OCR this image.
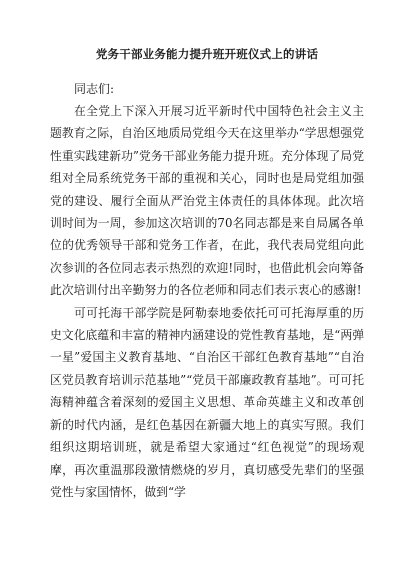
党务干部业务能力提升班开班仪式上的讲话

同志们:

在全党上下深入开展习近平新时代中国特色社会主义主题教育之际，自治区地质局党组今天在这里举办“学思想强党性重实践建新功”党务干部业务能力提升班。充分体现了局党组对全局系统党务干部的重视和关心，同时也是局党组加强党的建设、履行全面从严治党主体责任的具体体现。此次培训时间为一周，参加这次培训的70名同志都是来自局属各单位的优秀领导干部和党务工作者，在此，我代表局党组向此次参训的各位同志表示热烈的欢迎!同时，也借此机会向筹备此次培训付出辛勤努力的各位老师和同志们表示衷心的感谢!

可可托海干部学院是阿勒泰地委依托可可托海厚重的历史文化底蕴和丰富的精神内涵建设的党性教育基地，是“两弹一星”爱国主义教育基地、“自治区干部红色教育基地”“自治区党员教育培训示范基地”“党员干部廉政教育基地”。可可托海精神蕴含着深刻的爱国主义思想、革命英雄主义和改革创新的时代内涵，是红色基因在新疆大地上的真实写照。我们组织这期培训班，就是希望大家通过“红色视觉”的现场观摩，再次重温那段激情燃烧的岁月，真切感受先辈们的坚强党性与家国情怀，做到“学
